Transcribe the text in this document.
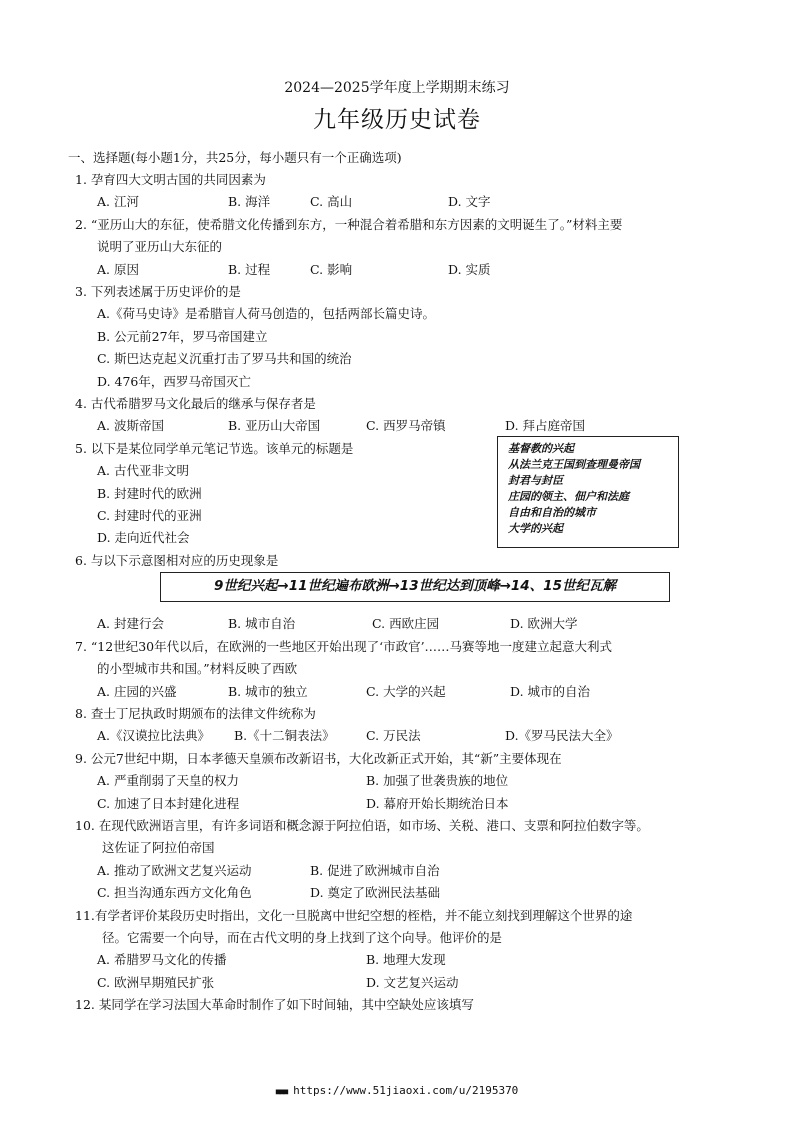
2024—2025学年度上学期期末练习
九年级历史试卷
一、选择题(每小题1分，共25分，每小题只有一个正确选项)
1. 孕育四大文明古国的共同因素为
A. 江河	B. 海洋	C. 高山	D. 文字
2. “亚历山大的东征，使希腊文化传播到东方，一种混合着希腊和东方因素的文明诞生了。”材料主要
说明了亚历山大东征的
A. 原因	B. 过程	C. 影响	D. 实质
3. 下列表述属于历史评价的是
A.《荷马史诗》是希腊盲人荷马创造的，包括两部长篇史诗。
B. 公元前27年，罗马帝国建立
C. 斯巴达克起义沉重打击了罗马共和国的统治
D. 476年，西罗马帝国灭亡
4. 古代希腊罗马文化最后的继承与保存者是
A. 波斯帝国	B. 亚历山大帝国	C. 西罗马帝镇	D. 拜占庭帝国
5. 以下是某位同学单元笔记节选。该单元的标题是
A. 古代亚非文明
B. 封建时代的欧洲
C. 封建时代的亚洲
D. 走向近代社会
基督教的兴起
从法兰克王国到查理曼帝国
封君与封臣
庄园的领主、佃户和法庭
自由和自治的城市
大学的兴起
6. 与以下示意图相对应的历史现象是
9世纪兴起→11世纪遍布欧洲→13世纪达到顶峰→14、15世纪瓦解
A. 封建行会	B. 城市自治	C. 西欧庄园	D. 欧洲大学
7. “12世纪30年代以后，在欧洲的一些地区开始出现了‘市政官’……马赛等地一度建立起意大利式
的小型城市共和国。”材料反映了西欧
A. 庄园的兴盛	B. 城市的独立	C. 大学的兴起	D. 城市的自治
8. 查士丁尼执政时期颁布的法律文件统称为
A.《汉谟拉比法典》 B.《十二铜表法》	C. 万民法	D.《罗马民法大全》
9. 公元7世纪中期，日本孝德天皇颁布改新诏书，大化改新正式开始，其“新”主要体现在
A. 严重削弱了天皇的权力	B. 加强了世袭贵族的地位
C. 加速了日本封建化进程	D. 幕府开始长期统治日本
10. 在现代欧洲语言里，有许多词语和概念源于阿拉伯语，如市场、关税、港口、支票和阿拉伯数字等。
这佐证了阿拉伯帝国
A. 推动了欧洲文艺复兴运动	B. 促进了欧洲城市自治
C. 担当沟通东西方文化角色	D. 奠定了欧洲民法基础
11.有学者评价某段历史时指出，文化一旦脱离中世纪空想的桎梏，并不能立刻找到理解这个世界的途
径。它需要一个向导，而在古代文明的身上找到了这个向导。他评价的是
A. 希腊罗马文化的传播	B. 地理大发现
C. 欧洲早期殖民扩张	D. 文艺复兴运动
12. 某同学在学习法国大革命时制作了如下时间轴，其中空缺处应该填写
■■■ https://www.51jiaoxi.com/u/2195370
